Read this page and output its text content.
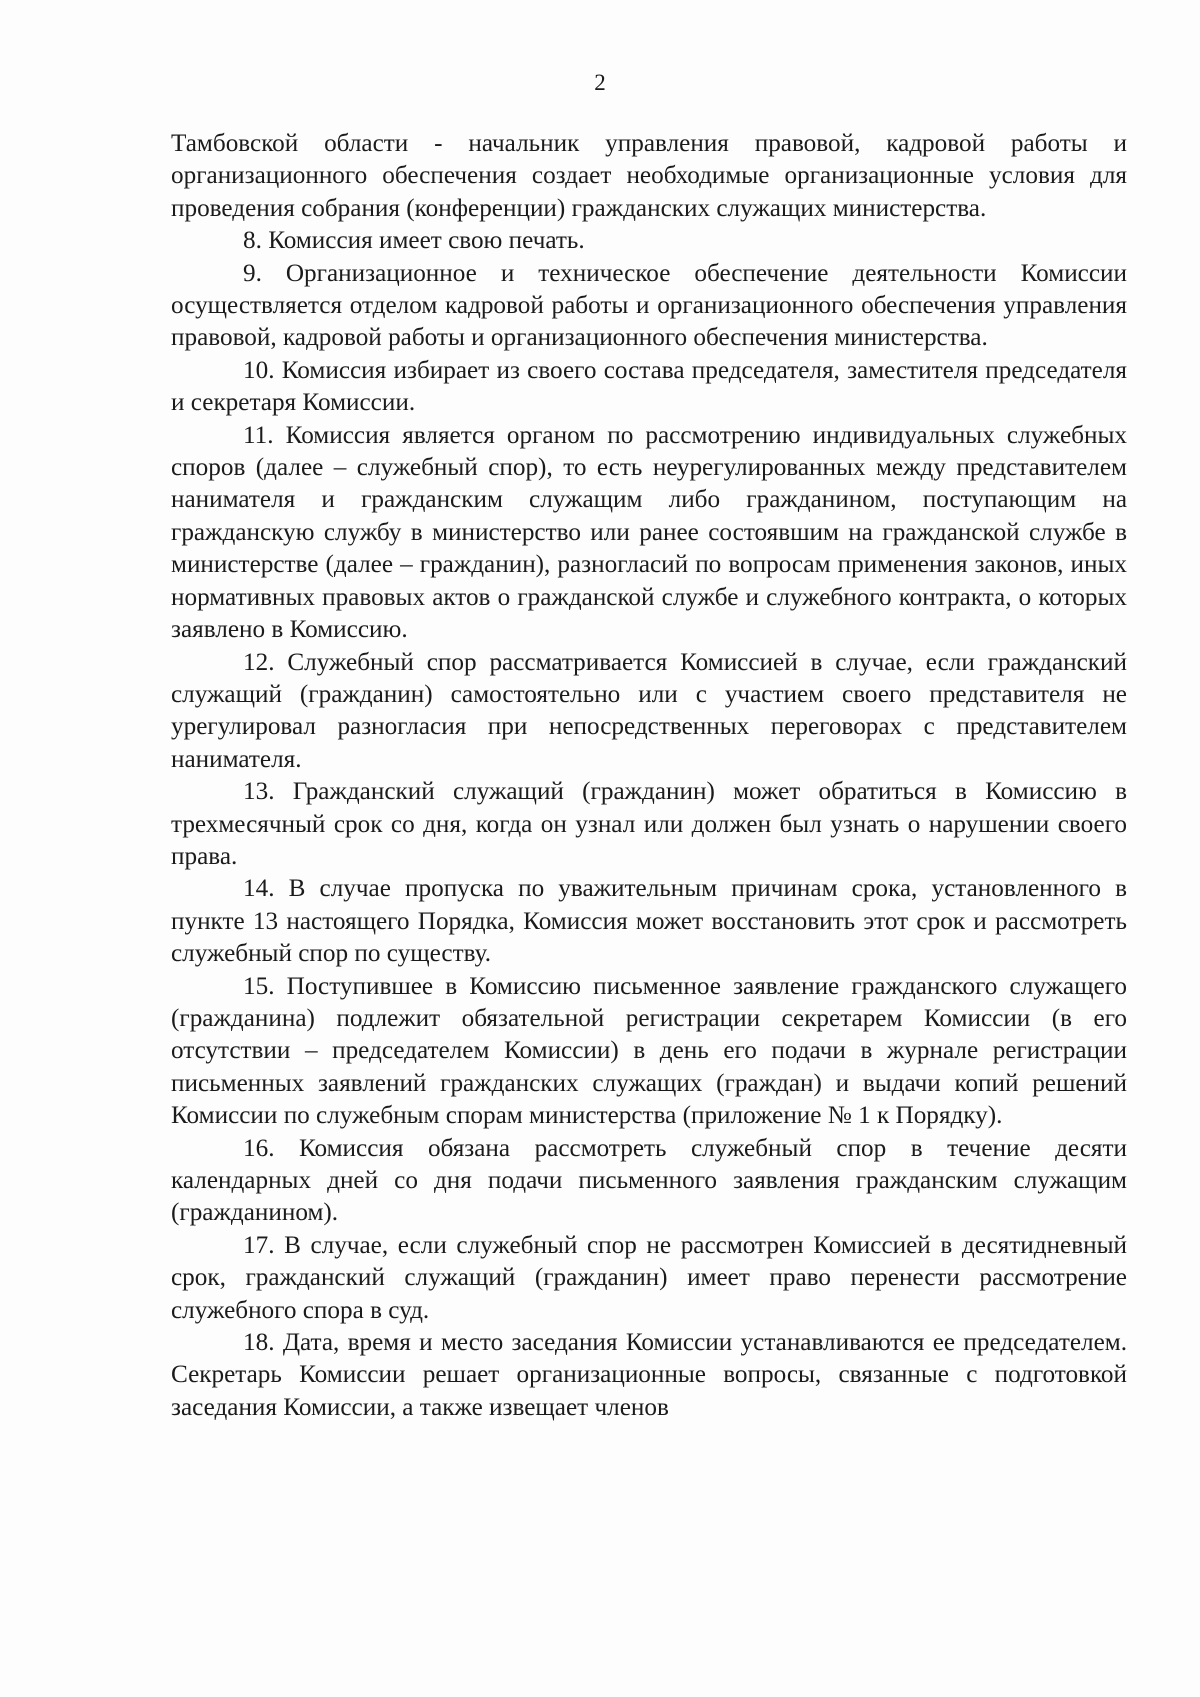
2

Тамбовской области - начальник управления правовой, кадровой работы и организационного обеспечения создает необходимые организационные условия для проведения собрания (конференции) гражданских служащих министерства.

8. Комиссия имеет свою печать.

9. Организационное и техническое обеспечение деятельности Комиссии осуществляется отделом кадровой работы и организационного обеспечения управления правовой, кадровой работы и организационного обеспечения министерства.

10. Комиссия избирает из своего состава председателя, заместителя председателя и секретаря Комиссии.

11. Комиссия является органом по рассмотрению индивидуальных служебных споров (далее – служебный спор), то есть неурегулированных между представителем нанимателя и гражданским служащим либо гражданином, поступающим на гражданскую службу в министерство или ранее состоявшим на гражданской службе в министерстве (далее – гражданин), разногласий по вопросам применения законов, иных нормативных правовых актов о гражданской службе и служебного контракта, о которых заявлено в Комиссию.

12. Служебный спор рассматривается Комиссией в случае, если гражданский служащий (гражданин) самостоятельно или с участием своего представителя не урегулировал разногласия при непосредственных переговорах с представителем нанимателя.

13. Гражданский служащий (гражданин) может обратиться в Комиссию в трехмесячный срок со дня, когда он узнал или должен был узнать о нарушении своего права.

14. В случае пропуска по уважительным причинам срока, установленного в пункте 13 настоящего Порядка, Комиссия может восстановить этот срок и рассмотреть служебный спор по существу.

15. Поступившее в Комиссию письменное заявление гражданского служащего (гражданина) подлежит обязательной регистрации секретарем Комиссии (в его отсутствии – председателем Комиссии) в день его подачи в журнале регистрации письменных заявлений гражданских служащих (граждан) и выдачи копий решений Комиссии по служебным спорам министерства (приложение № 1 к Порядку).

16. Комиссия обязана рассмотреть служебный спор в течение десяти календарных дней со дня подачи письменного заявления гражданским служащим (гражданином).

17. В случае, если служебный спор не рассмотрен Комиссией в десятидневный срок, гражданский служащий (гражданин) имеет право перенести рассмотрение служебного спора в суд.

18. Дата, время и место заседания Комиссии устанавливаются ее председателем. Секретарь Комиссии решает организационные вопросы, связанные с подготовкой заседания Комиссии, а также извещает членов
